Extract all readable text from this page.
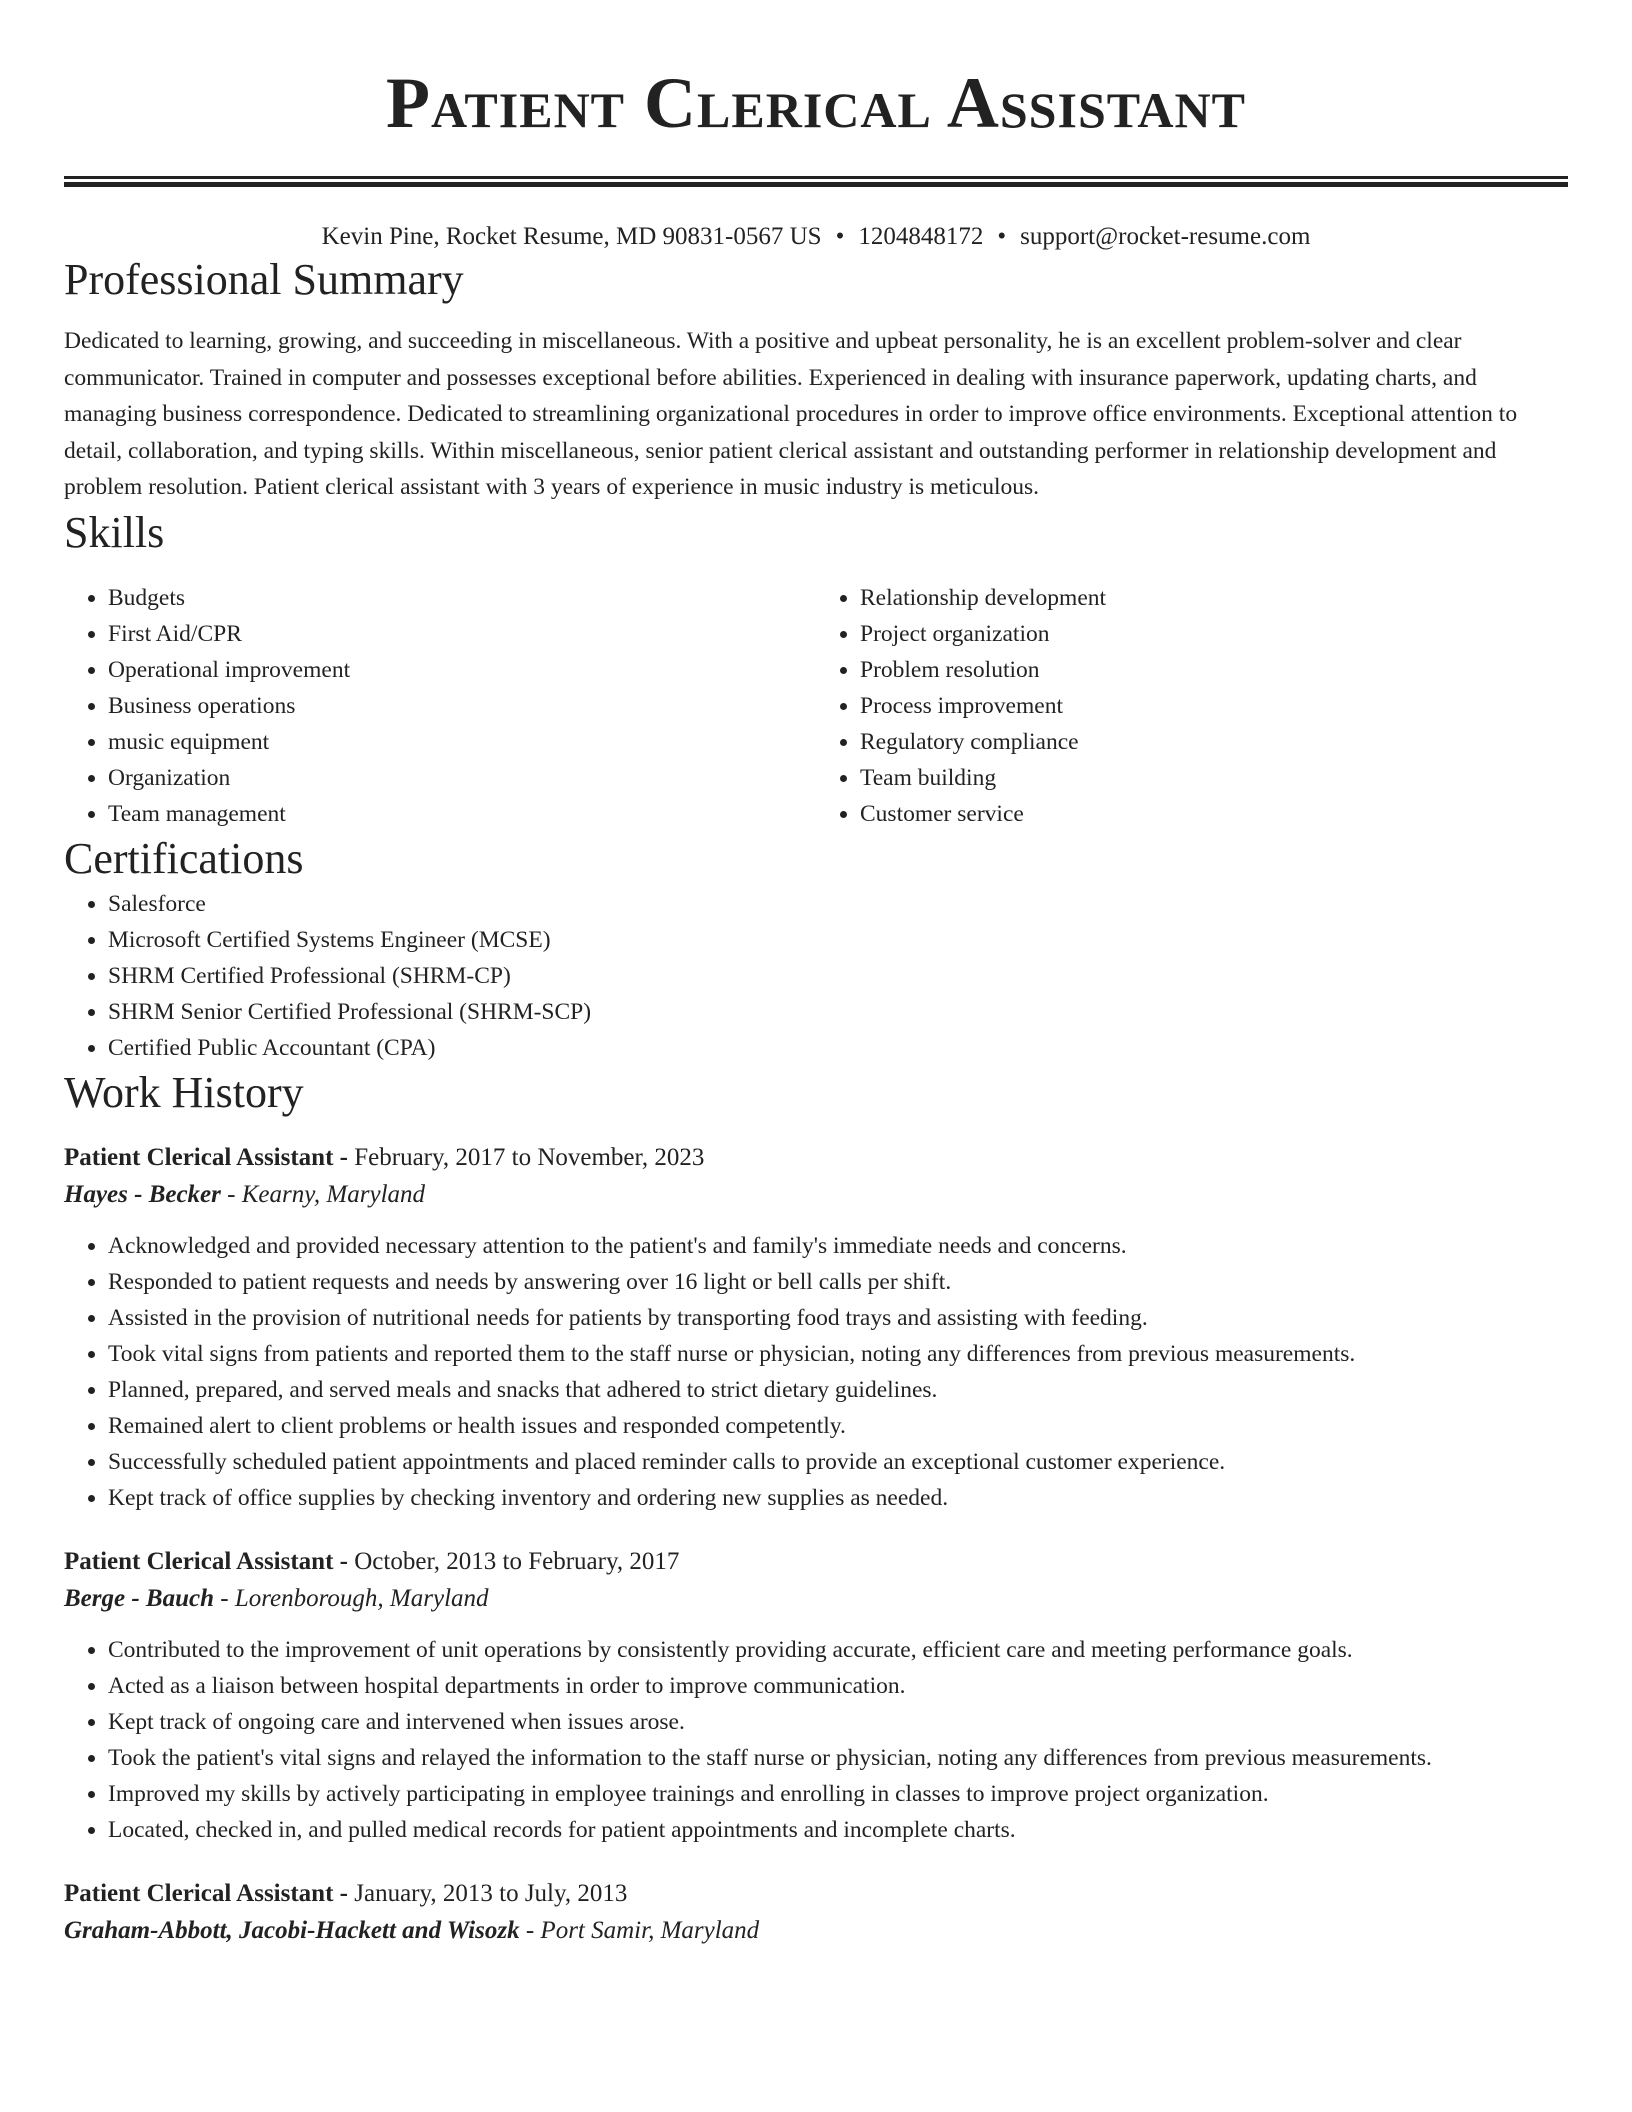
Patient Clerical Assistant
Kevin Pine, Rocket Resume, MD 90831-0567 US • 1204848172 • support@rocket-resume.com
Professional Summary

Dedicated to learning, growing, and succeeding in miscellaneous. With a positive and upbeat personality, he is an excellent problem-solver and clear communicator. Trained in computer and possesses exceptional before abilities. Experienced in dealing with insurance paperwork, updating charts, and managing business correspondence. Dedicated to streamlining organizational procedures in order to improve office environments. Exceptional attention to detail, collaboration, and typing skills. Within miscellaneous, senior patient clerical assistant and outstanding performer in relationship development and problem resolution. Patient clerical assistant with 3 years of experience in music industry is meticulous.

Skills
• Budgets
• First Aid/CPR
• Operational improvement
• Business operations
• music equipment
• Organization
• Team management
• Relationship development
• Project organization
• Problem resolution
• Process improvement
• Regulatory compliance
• Team building
• Customer service
Certifications
• Salesforce
• Microsoft Certified Systems Engineer (MCSE)
• SHRM Certified Professional (SHRM-CP)
• SHRM Senior Certified Professional (SHRM-SCP)
• Certified Public Accountant (CPA)
Work History
Patient Clerical Assistant - February, 2017 to November, 2023
Hayes - Becker - Kearny, Maryland
• Acknowledged and provided necessary attention to the patient's and family's immediate needs and concerns.
• Responded to patient requests and needs by answering over 16 light or bell calls per shift.
• Assisted in the provision of nutritional needs for patients by transporting food trays and assisting with feeding.
• Took vital signs from patients and reported them to the staff nurse or physician, noting any differences from previous measurements.
• Planned, prepared, and served meals and snacks that adhered to strict dietary guidelines.
• Remained alert to client problems or health issues and responded competently.
• Successfully scheduled patient appointments and placed reminder calls to provide an exceptional customer experience.
• Kept track of office supplies by checking inventory and ordering new supplies as needed.
Patient Clerical Assistant - October, 2013 to February, 2017
Berge - Bauch - Lorenborough, Maryland
• Contributed to the improvement of unit operations by consistently providing accurate, efficient care and meeting performance goals.
• Acted as a liaison between hospital departments in order to improve communication.
• Kept track of ongoing care and intervened when issues arose.
• Took the patient's vital signs and relayed the information to the staff nurse or physician, noting any differences from previous measurements.
• Improved my skills by actively participating in employee trainings and enrolling in classes to improve project organization.
• Located, checked in, and pulled medical records for patient appointments and incomplete charts.
Patient Clerical Assistant - January, 2013 to July, 2013
Graham-Abbott, Jacobi-Hackett and Wisozk - Port Samir, Maryland
